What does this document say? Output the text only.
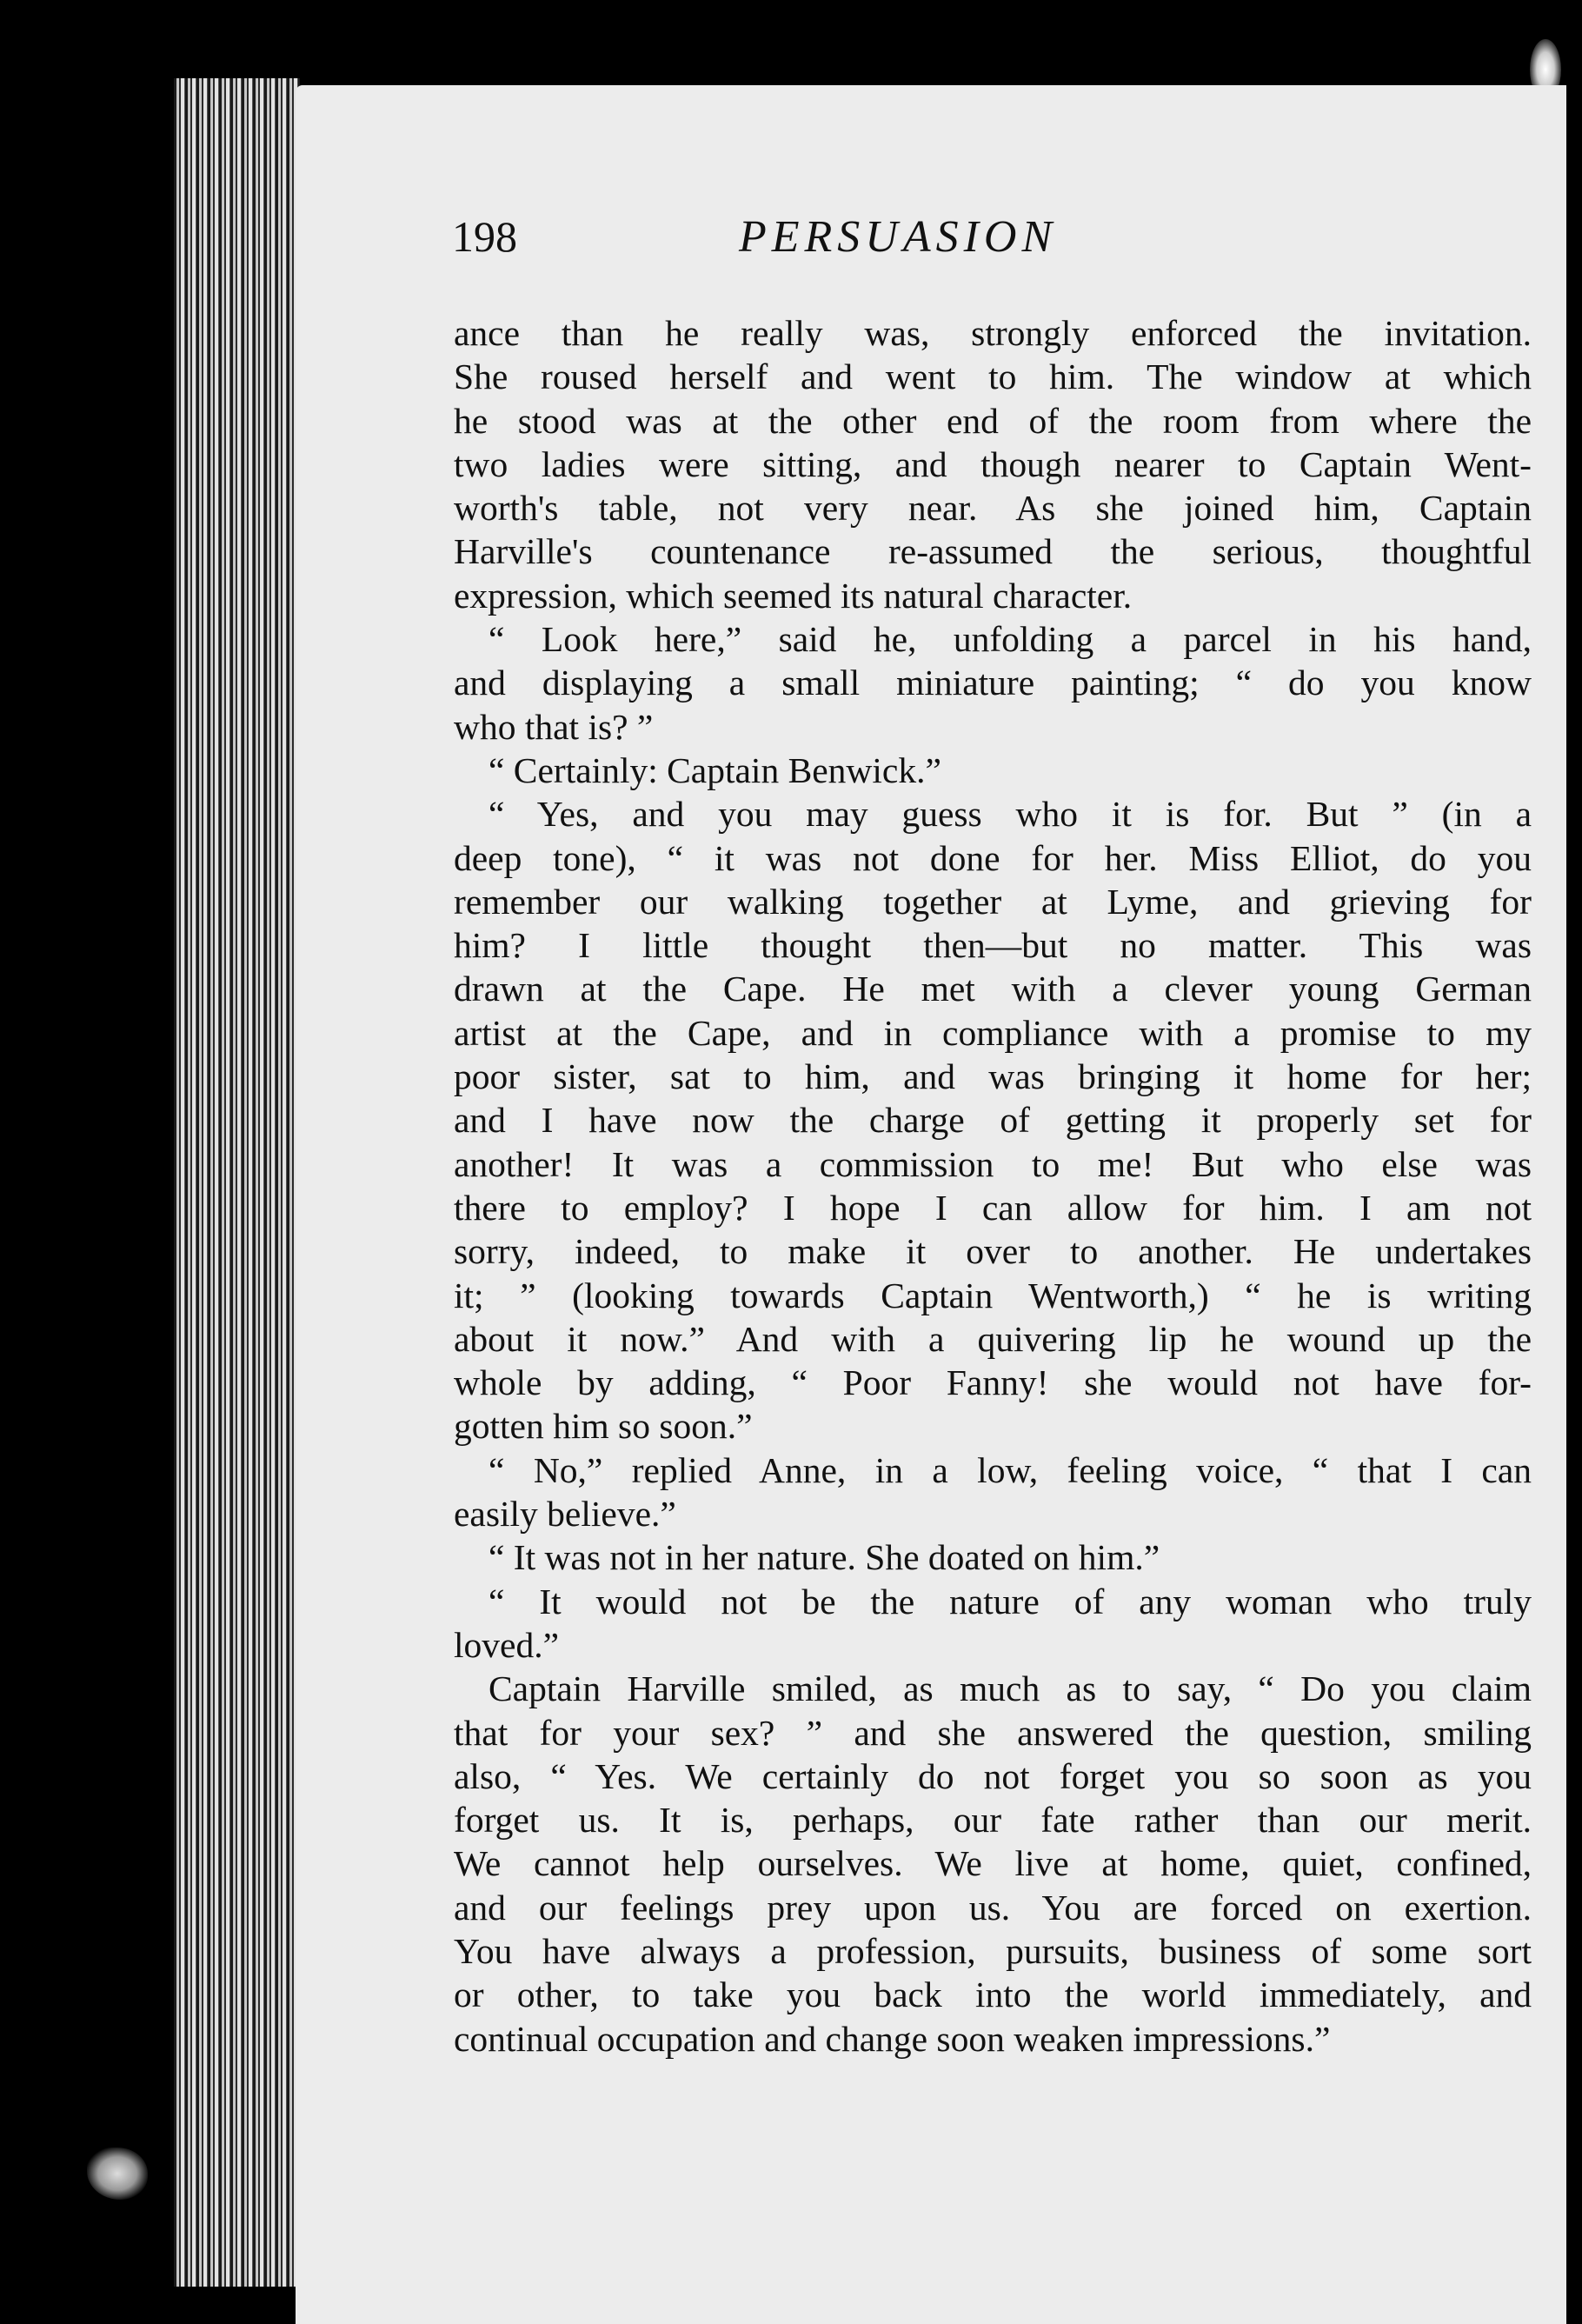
198	PERSUASION

ance than he really was, strongly enforced the invitation.
She roused herself and went to him. The window at which
he stood was at the other end of the room from where the
two ladies were sitting, and though nearer to Captain Went-
worth's table, not very near. As she joined him, Captain
Harville's countenance re-assumed the serious, thoughtful
expression, which seemed its natural character.

“ Look here,” said he, unfolding a parcel in his hand,
and displaying a small miniature painting; “ do you know
who that is? ”

“ Certainly: Captain Benwick.”

“ Yes, and you may guess who it is for. But ” (in a
deep tone), “ it was not done for her. Miss Elliot, do you
remember our walking together at Lyme, and grieving for
him? I little thought then—but no matter. This was
drawn at the Cape. He met with a clever young German
artist at the Cape, and in compliance with a promise to my
poor sister, sat to him, and was bringing it home for her;
and I have now the charge of getting it properly set for
another! It was a commission to me! But who else was
there to employ? I hope I can allow for him. I am not
sorry, indeed, to make it over to another. He undertakes
it; ” (looking towards Captain Wentworth,) “ he is writing
about it now.” And with a quivering lip he wound up the
whole by adding, “ Poor Fanny! she would not have for-
gotten him so soon.”

“ No,” replied Anne, in a low, feeling voice, “ that I can
easily believe.”

“ It was not in her nature. She doated on him.”

“ It would not be the nature of any woman who truly
loved.”

Captain Harville smiled, as much as to say, “ Do you claim
that for your sex? ” and she answered the question, smiling
also, “ Yes. We certainly do not forget you so soon as you
forget us. It is, perhaps, our fate rather than our merit.
We cannot help ourselves. We live at home, quiet, confined,
and our feelings prey upon us. You are forced on exertion.
You have always a profession, pursuits, business of some sort
or other, to take you back into the world immediately, and
continual occupation and change soon weaken impressions.”
